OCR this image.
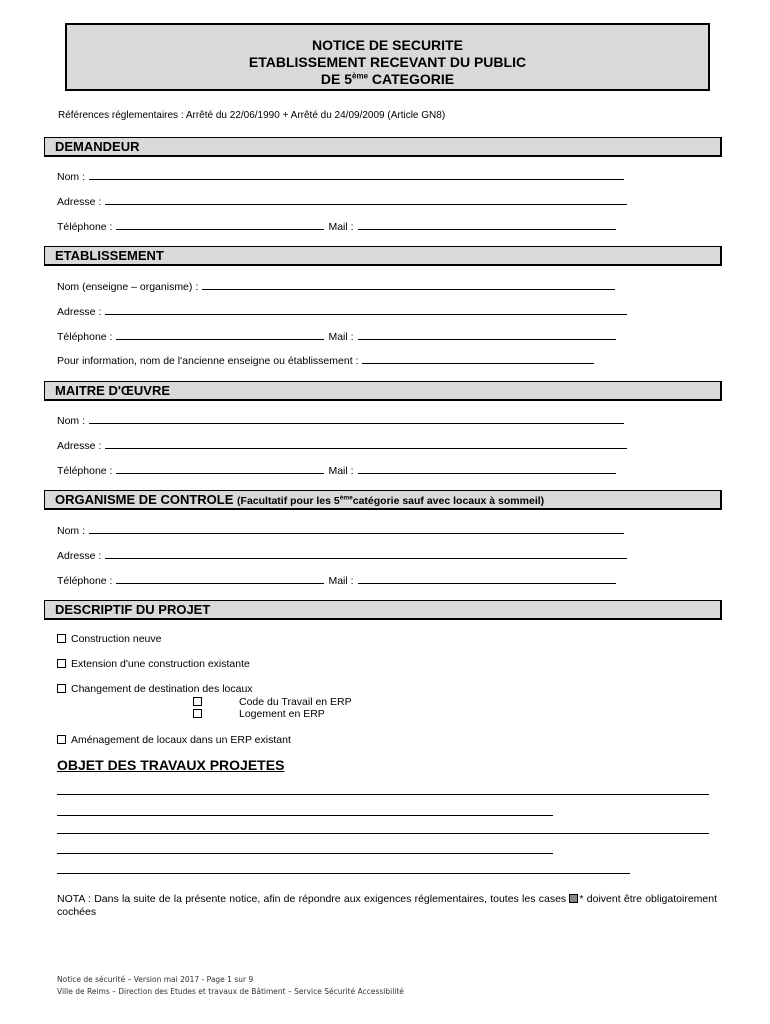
NOTICE DE SECURITE
ETABLISSEMENT RECEVANT DU PUBLIC
DE 5ème CATEGORIE
Références réglementaires : Arrêté du 22/06/1990 + Arrêté du 24/09/2009 (Article GN8)
DEMANDEUR
Nom :
Adresse :
Téléphone :	Mail :
ETABLISSEMENT
Nom (enseigne – organisme) :
Adresse :
Téléphone :	Mail :
Pour information, nom de l'ancienne enseigne ou établissement :
MAITRE D'ŒUVRE
Nom :
Adresse :
Téléphone :	Mail :
ORGANISME DE CONTROLE (Facultatif pour les 5èmecatégorie sauf avec locaux à sommeil)
Nom :
Adresse :
Téléphone :	Mail :
DESCRIPTIF DU PROJET
Construction neuve
Extension d'une construction existante
Changement de destination des locaux
Code du Travail en ERP
Logement en ERP
Aménagement de locaux dans un ERP existant
OBJET DES TRAVAUX PROJETES
NOTA : Dans la suite de la présente notice, afin de répondre aux exigences réglementaires, toutes les cases * doivent être obligatoirement cochées
Notice de sécurité – Version mai 2017 - Page 1 sur 9
Ville de Reims – Direction des Etudes et travaux de Bâtiment – Service Sécurité Accessibilité
